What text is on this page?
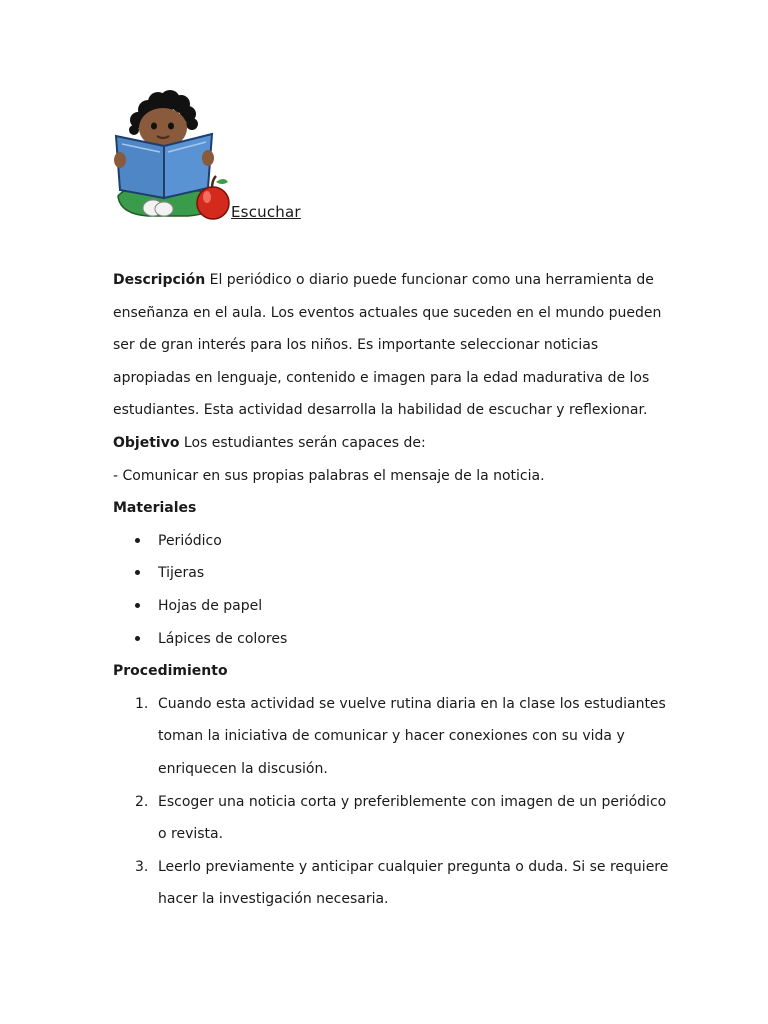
Escuchar

Descripción El periódico o diario puede funcionar como una herramienta de enseñanza en el aula. Los eventos actuales que suceden en el mundo pueden ser de gran interés para los niños. Es importante seleccionar noticias apropiadas en lenguaje, contenido e imagen para la edad madurativa de los estudiantes. Esta actividad desarrolla la habilidad de escuchar y reflexionar.

Objetivo Los estudiantes serán capaces de:

- Comunicar en sus propias palabras el mensaje de la noticia.

Materiales

Periódico
Tijeras
Hojas de papel
Lápices de colores

Procedimiento

1. Cuando esta actividad se vuelve rutina diaria en la clase los estudiantes toman la iniciativa de comunicar y hacer conexiones con su vida y enriquecen la discusión.
2. Escoger una noticia corta y preferiblemente con imagen de un periódico o revista.
3. Leerlo previamente y anticipar cualquier pregunta o duda. Si se requiere hacer la investigación necesaria.
